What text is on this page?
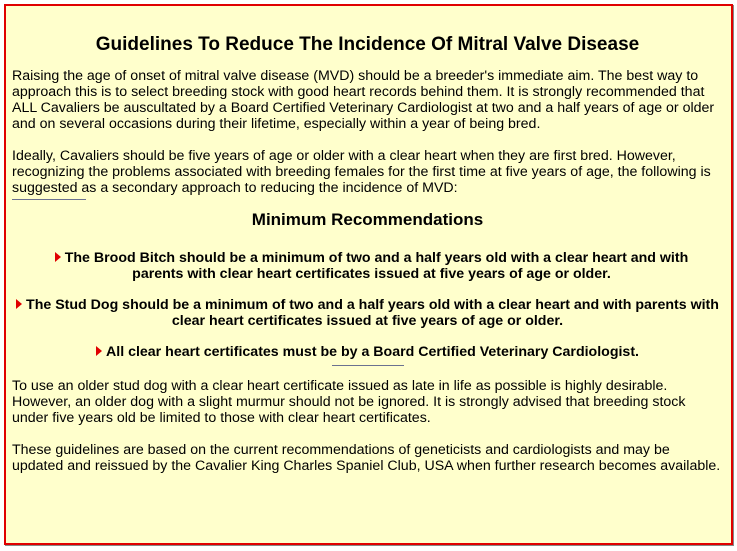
Guidelines To Reduce The Incidence Of Mitral Valve Disease

Raising the age of onset of mitral valve disease (MVD) should be a breeder's immediate aim. The best way to approach this is to select breeding stock with good heart records behind them. It is strongly recommended that ALL Cavaliers be auscultated by a Board Certified Veterinary Cardiologist at two and a half years of age or older and on several occasions during their lifetime, especially within a year of being bred.

Ideally, Cavaliers should be five years of age or older with a clear heart when they are first bred. However, recognizing the problems associated with breeding females for the first time at five years of age, the following is suggested as a secondary approach to reducing the incidence of MVD:

Minimum Recommendations
The Brood Bitch should be a minimum of two and a half years old with a clear heart and with parents with clear heart certificates issued at five years of age or older.
The Stud Dog should be a minimum of two and a half years old with a clear heart and with parents with clear heart certificates issued at five years of age or older.
All clear heart certificates must be by a Board Certified Veterinary Cardiologist.

To use an older stud dog with a clear heart certificate issued as late in life as possible is highly desirable. However, an older dog with a slight murmur should not be ignored. It is strongly advised that breeding stock under five years old be limited to those with clear heart certificates.

These guidelines are based on the current recommendations of geneticists and cardiologists and may be updated and reissued by the Cavalier King Charles Spaniel Club, USA when further research becomes available.
